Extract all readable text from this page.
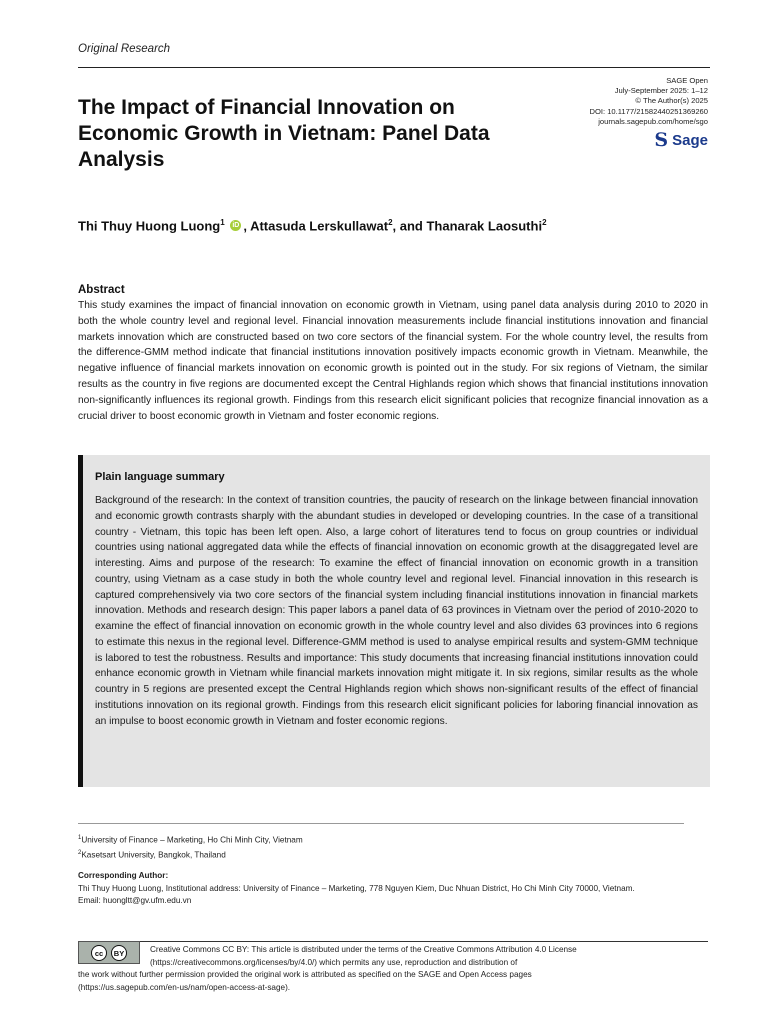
Original Research
The Impact of Financial Innovation on Economic Growth in Vietnam: Panel Data Analysis
SAGE Open
July-September 2025: 1–12
© The Author(s) 2025
DOI: 10.1177/21582440251369260
journals.sagepub.com/home/sgo
S Sage
Thi Thuy Huong Luong$^1$ iD , Attasuda Lerskullawat$^2$, and Thanarak Laosuthi$^2$
Abstract

This study examines the impact of financial innovation on economic growth in Vietnam, using panel data analysis during 2010 to 2020 in both the whole country level and regional level. Financial innovation measurements include financial institutions innovation and financial markets innovation which are constructed based on two core sectors of the financial system. For the whole country level, the results from the difference-GMM method indicate that financial institutions innovation positively impacts economic growth in Vietnam. Meanwhile, the negative influence of financial markets innovation on economic growth is pointed out in the study. For six regions of Vietnam, the similar results as the country in five regions are documented except the Central Highlands region which shows that financial institutions innovation non-significantly influences its regional growth. Findings from this research elicit significant policies that recognize financial innovation as a crucial driver to boost economic growth in Vietnam and foster economic regions.

Plain language summary

Background of the research: In the context of transition countries, the paucity of research on the linkage between financial innovation and economic growth contrasts sharply with the abundant studies in developed or developing countries. In the case of a transitional country - Vietnam, this topic has been left open. Also, a large cohort of literatures tend to focus on group countries or individual countries using national aggregated data while the effects of financial innovation on economic growth at the disaggregated level are interesting. Aims and purpose of the research: To examine the effect of financial innovation on economic growth in a transition country, using Vietnam as a case study in both the whole country level and regional level. Financial innovation in this research is captured comprehensively via two core sectors of the financial system including financial institutions innovation in financial markets innovation. Methods and research design: This paper labors a panel data of 63 provinces in Vietnam over the period of 2010-2020 to examine the effect of financial innovation on economic growth in the whole country level and also divides 63 provinces into 6 regions to estimate this nexus in the regional level. Difference-GMM method is used to analyse empirical results and system-GMM technique is labored to test the robustness. Results and importance: This study documents that increasing financial institutions innovation could enhance economic growth in Vietnam while financial markets innovation might mitigate it. In six regions, similar results as the whole country in 5 regions are presented except the Central Highlands region which shows non-significant results of the effect of financial institutions innovation on its regional growth. Findings from this research elicit significant policies for laboring financial innovation as an impulse to boost economic growth in Vietnam and foster economic regions.

$^1$University of Finance – Marketing, Ho Chi Minh City, Vietnam
$^2$Kasetsart University, Bangkok, Thailand
Corresponding Author:
Thi Thuy Huong Luong, Institutional address: University of Finance – Marketing, 778 Nguyen Kiem, Duc Nhuan District, Ho Chi Minh City 70000, Vietnam.
Email: huongltt@gv.ufm.edu.vn
cc	BY	Creative Commons CC BY: This article is distributed under the terms of the Creative Commons Attribution 4.0 License
(https://creativecommons.org/licenses/by/4.0/) which permits any use, reproduction and distribution of
the work without further permission provided the original work is attributed as specified on the SAGE and Open Access pages
(https://us.sagepub.com/en-us/nam/open-access-at-sage).
